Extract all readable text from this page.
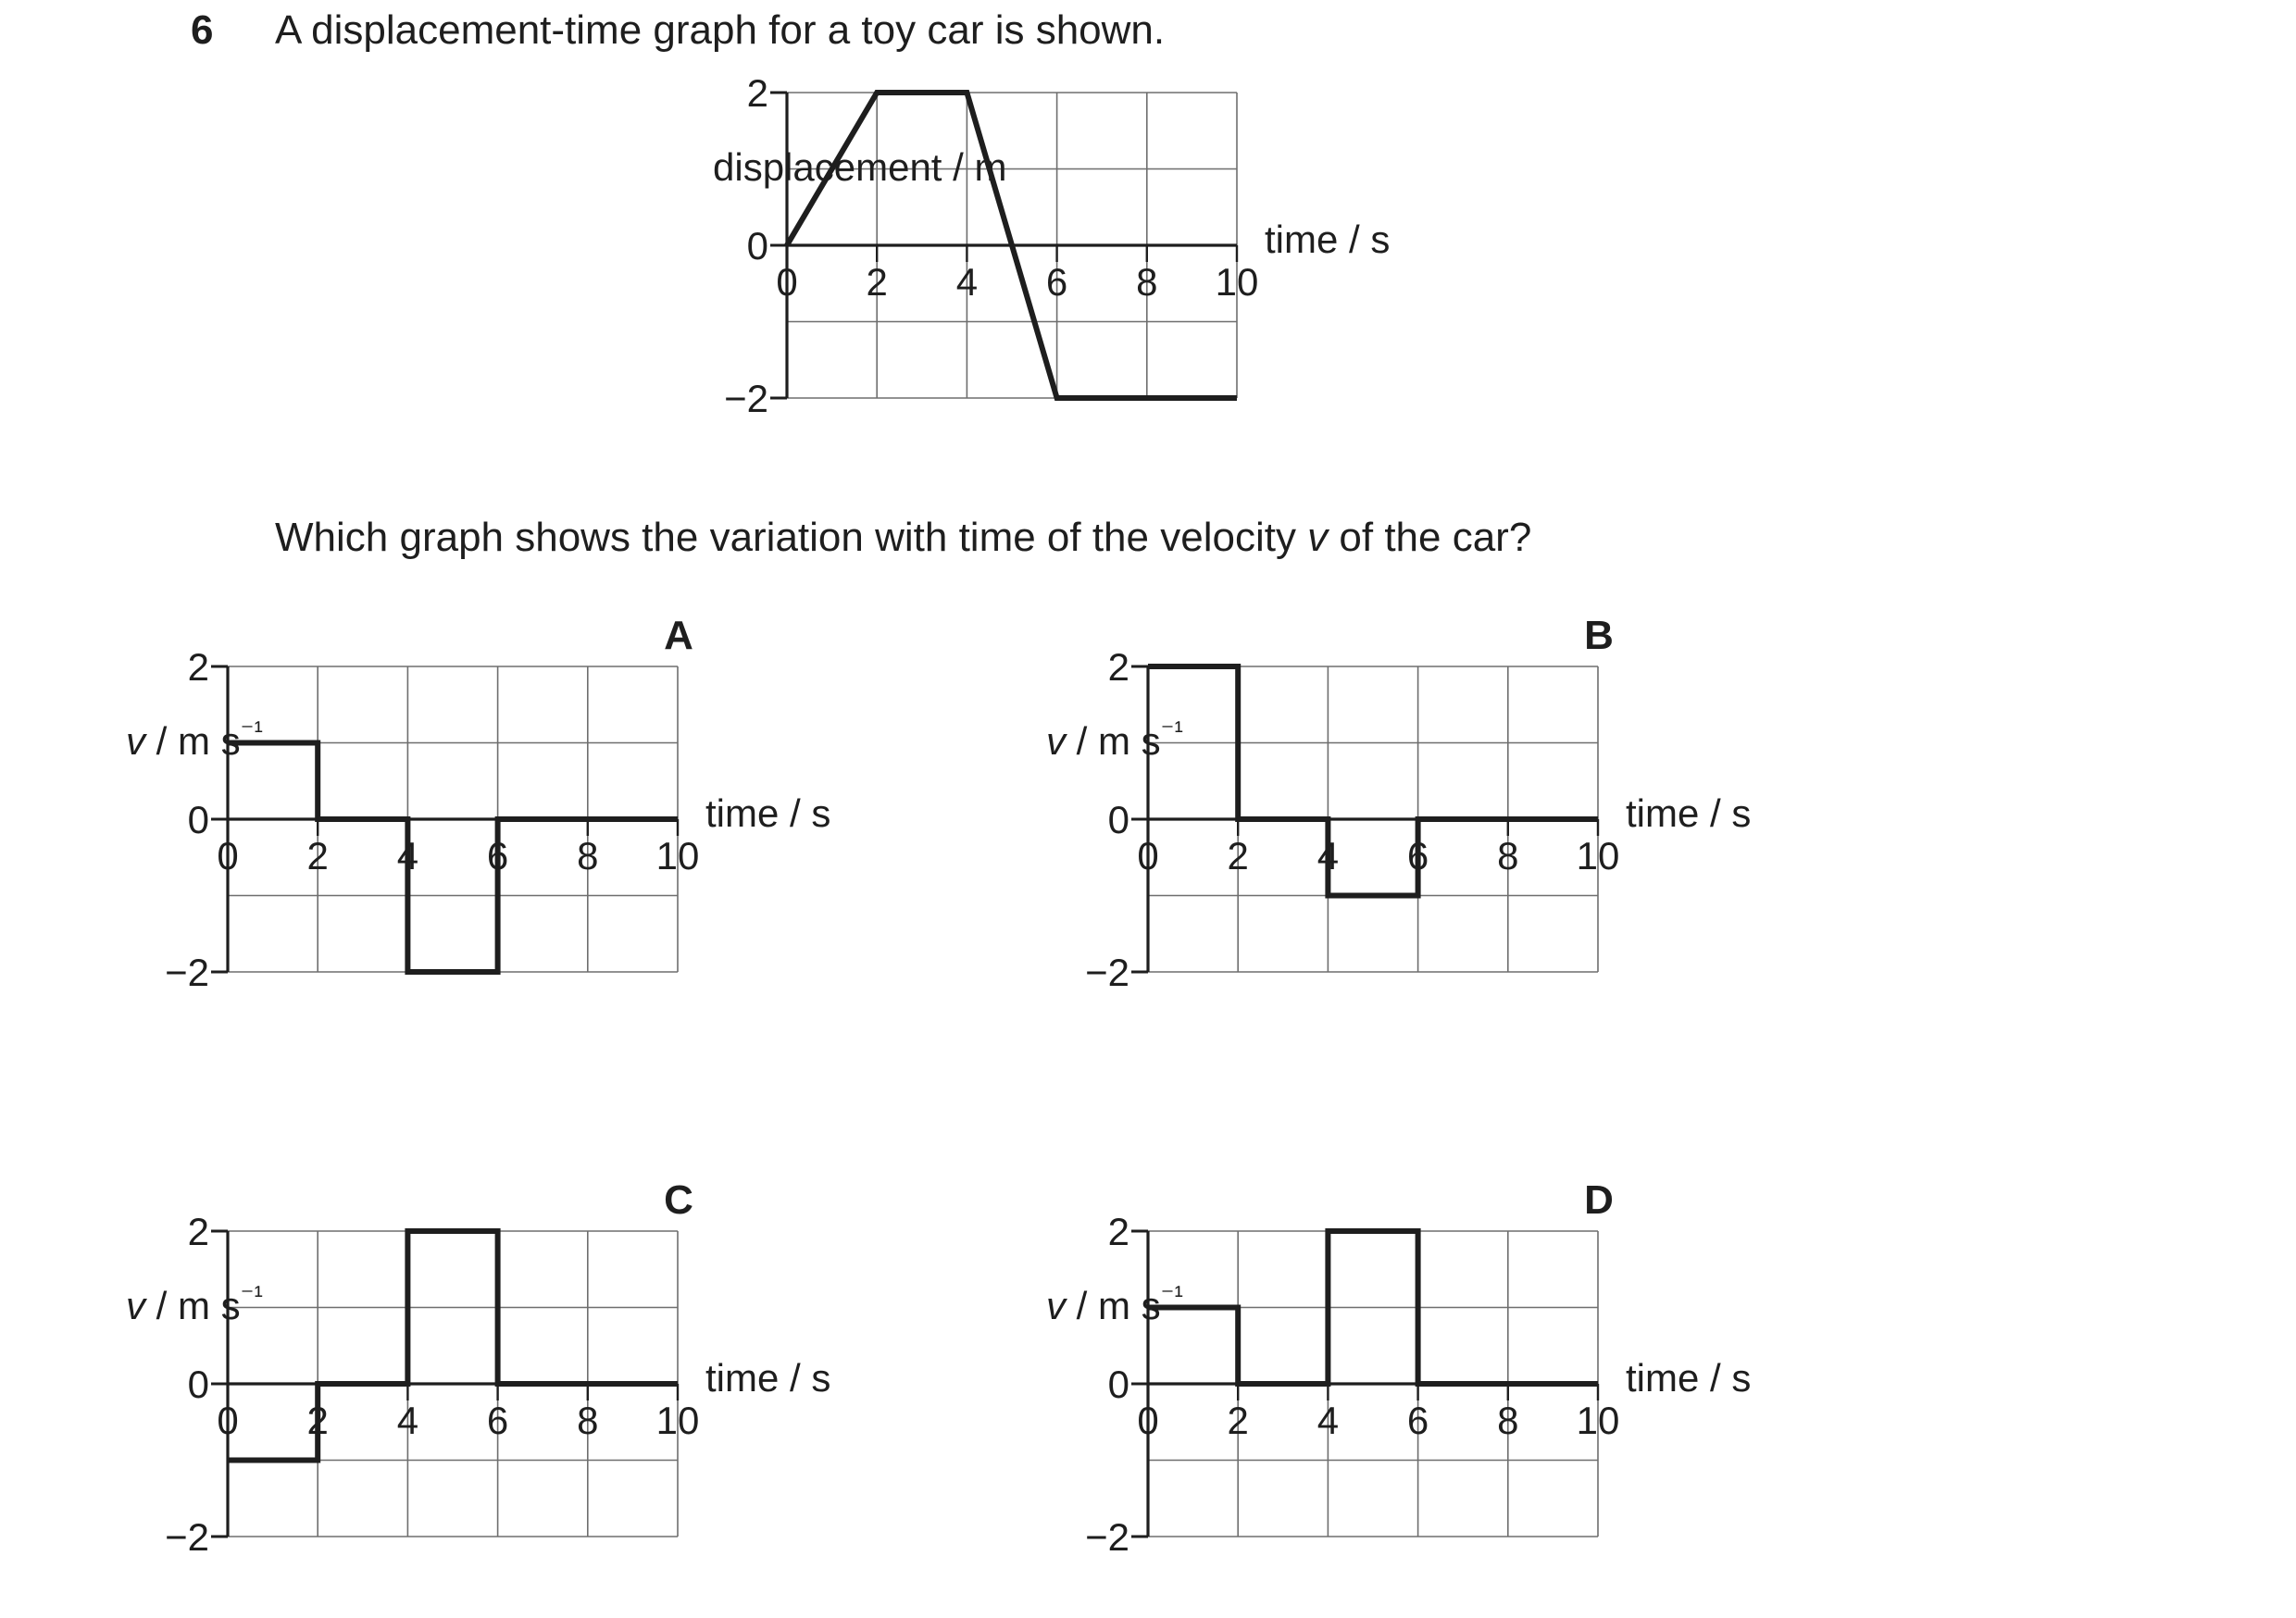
6 A displacement-time graph for a toy car is shown.
2
0
−2
0 2 4 6 8 10
time / s
displacement / m
Which graph shows the variation with time of the velocity v of the car?
A	B
C	D
2
0
−2
0 2 4 6 8 10
time / s
v / m $s^{^{-1}}$
2
0
−2
0 2 4 6 8 10
time / s
v / m $s^{^{-1}}$
2
0
−2
0 2 4 6 8 10
time / s
v / m $s^{^{-1}}$
2
0
−2
0 2 4 6 8 10
time / s
v / m $s^{^{-1}}$
